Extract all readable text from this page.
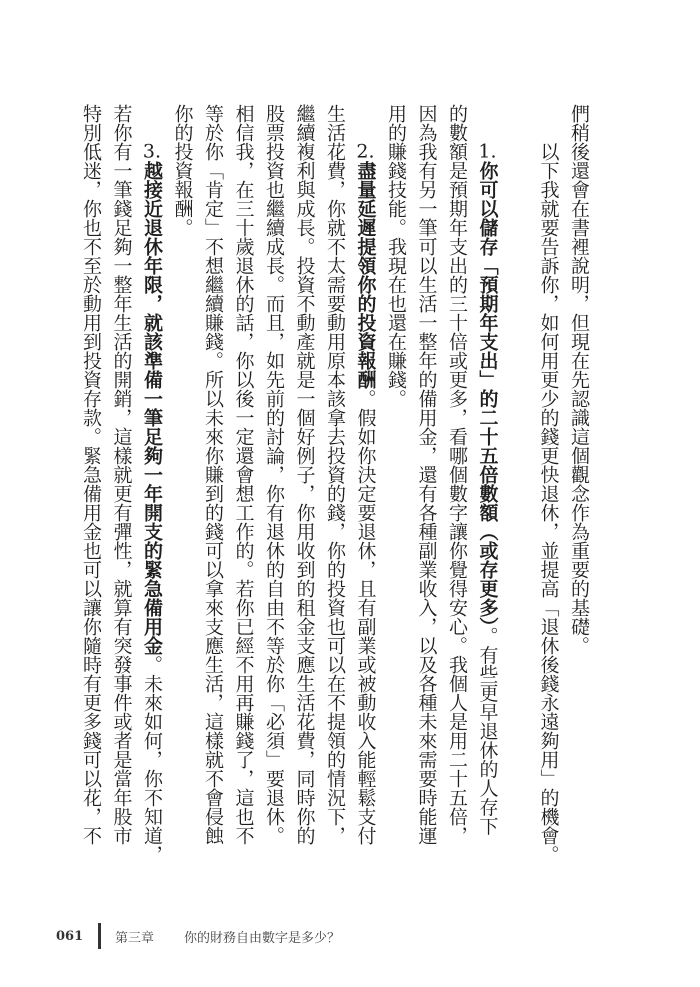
們稍後還會在書裡說明，但現在先認識這個觀念作為重要的基礎。
以下我就要告訴你，如何用更少的錢更快退休，並提高「退休後錢永遠夠用」的機會。
1.你可以儲存「預期年支出」的二十五倍數額（或存更多）。有些更早退休的人存下
的數額是預期年支出的三十倍或更多，看哪個數字讓你覺得安心。我個人是用二十五倍，
因為我有另一筆可以生活一整年的備用金，還有各種副業收入，以及各種未來需要時能運
用的賺錢技能。我現在也還在賺錢。
2.盡量延遲提領你的投資報酬。假如你決定要退休，且有副業或被動收入能輕鬆支付
生活花費，你就不太需要動用原本該拿去投資的錢，你的投資也可以在不提領的情況下，
繼續複利與成長。投資不動產就是一個好例子，你用收到的租金支應生活花費，同時你的
股票投資也繼續成長。而且，如先前的討論，你有退休的自由不等於你「必須」要退休。
相信我，在三十歲退休的話，你以後一定還會想工作的。若你已經不用再賺錢了，這也不
等於你「肯定」不想繼續賺錢。所以未來你賺到的錢可以拿來支應生活，這樣就不會侵蝕
你的投資報酬。
3.越接近退休年限，就該準備一筆足夠一年開支的緊急備用金。未來如何，你不知道，
若你有一筆錢足夠一整年生活的開銷，這樣就更有彈性，就算有突發事件或者是當年股市
特別低迷，你也不至於動用到投資存款。緊急備用金也可以讓你隨時有更多錢可以花，不
061	第三章 你的財務自由數字是多少？
